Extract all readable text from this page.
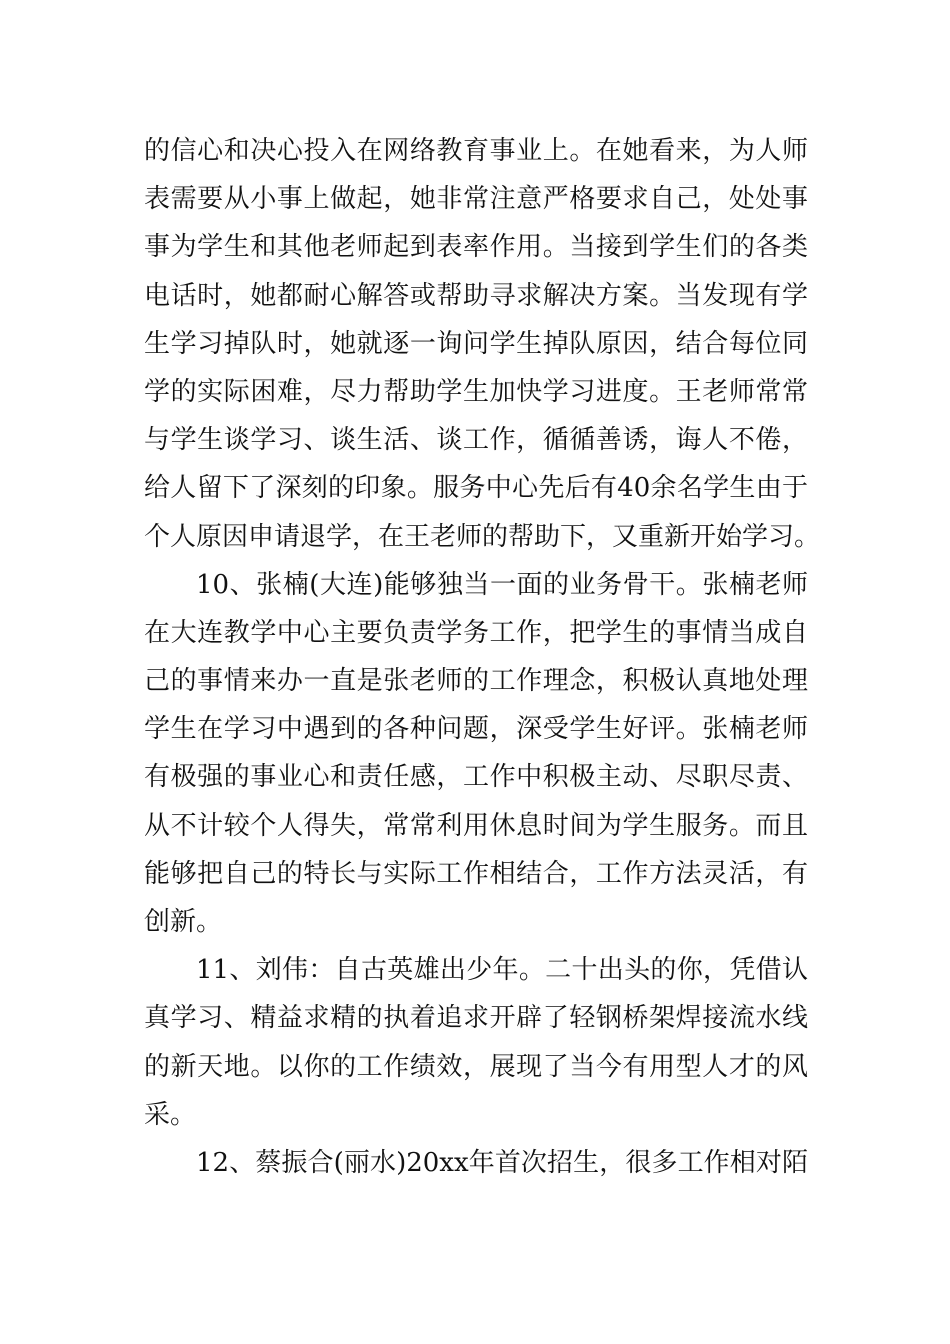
的信心和决心投入在网络教育事业上。在她看来，为人师
表需要从小事上做起，她非常注意严格要求自己，处处事
事为学生和其他老师起到表率作用。当接到学生们的各类
电话时，她都耐心解答或帮助寻求解决方案。当发现有学
生学习掉队时，她就逐一询问学生掉队原因，结合每位同
学的实际困难，尽力帮助学生加快学习进度。王老师常常
与学生谈学习、谈生活、谈工作，循循善诱，诲人不倦，
给人留下了深刻的印象。服务中心先后有40余名学生由于
个人原因申请退学，在王老师的帮助下，又重新开始学习。
10、张楠(大连)能够独当一面的业务骨干。张楠老师
在大连教学中心主要负责学务工作，把学生的事情当成自
己的事情来办一直是张老师的工作理念，积极认真地处理
学生在学习中遇到的各种问题，深受学生好评。张楠老师
有极强的事业心和责任感，工作中积极主动、尽职尽责、
从不计较个人得失，常常利用休息时间为学生服务。而且
能够把自己的特长与实际工作相结合，工作方法灵活，有
创新。
11、刘伟：自古英雄出少年。二十出头的你，凭借认
真学习、精益求精的执着追求开辟了轻钢桥架焊接流水线
的新天地。以你的工作绩效，展现了当今有用型人才的风
采。
12、蔡振合(丽水)20xx年首次招生，很多工作相对陌
